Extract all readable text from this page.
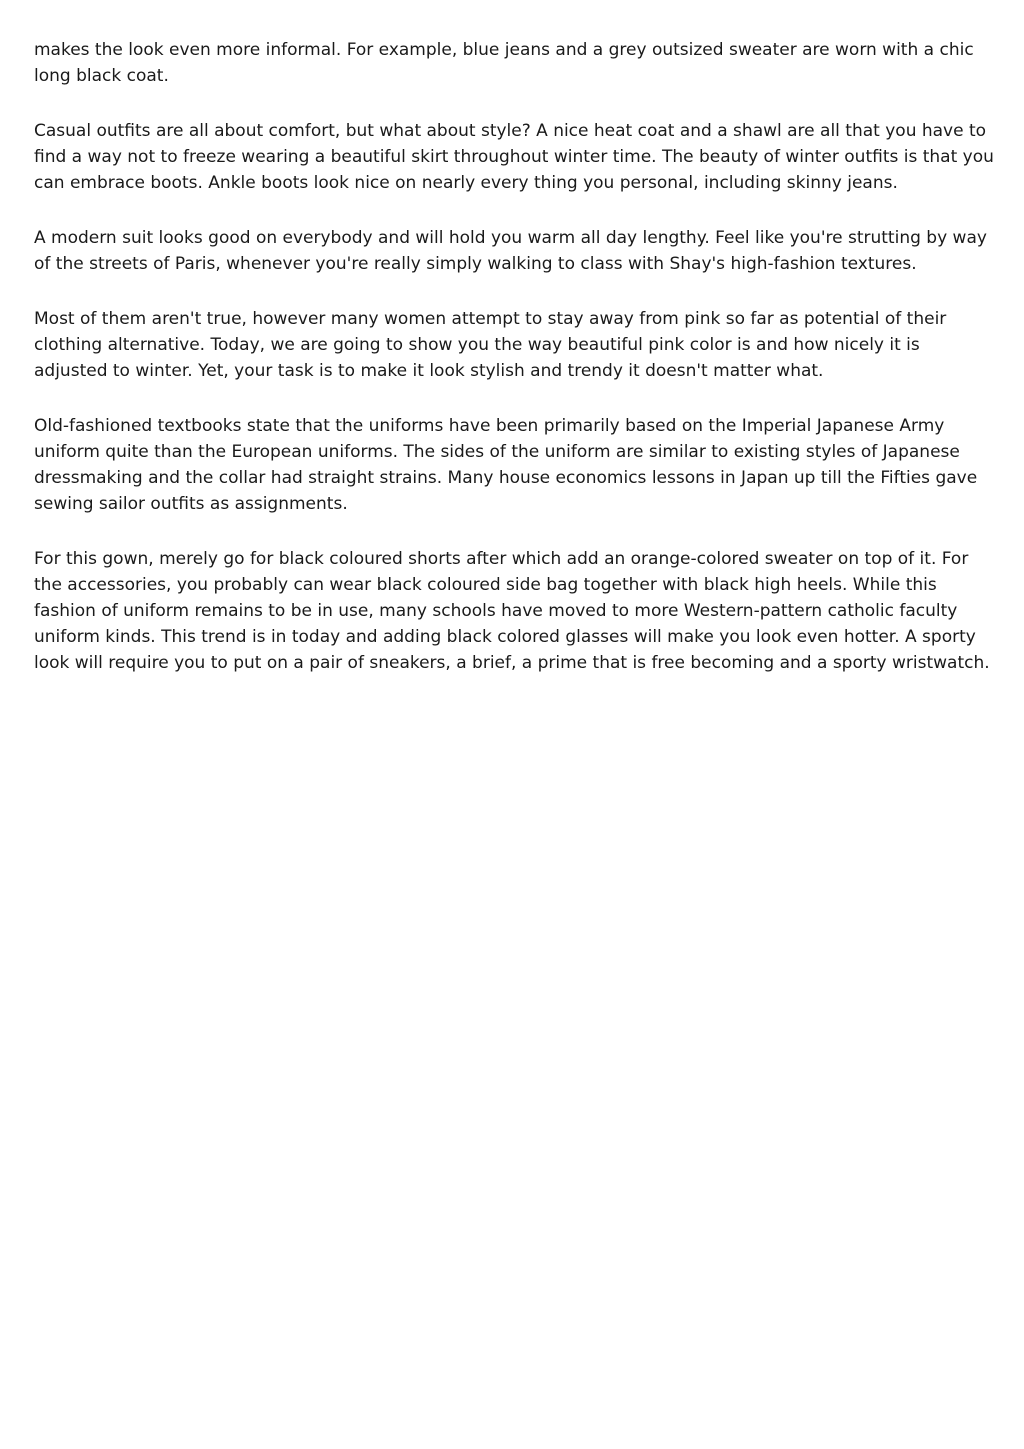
makes the look even more informal. For example, blue jeans and a grey outsized sweater are worn with a chic long black coat.

Casual outfits are all about comfort, but what about style? A nice heat coat and a shawl are all that you have to find a way not to freeze wearing a beautiful skirt throughout winter time. The beauty of winter outfits is that you can embrace boots. Ankle boots look nice on nearly every thing you personal, including skinny jeans.

A modern suit looks good on everybody and will hold you warm all day lengthy. Feel like you're strutting by way of the streets of Paris, whenever you're really simply walking to class with Shay's high-fashion textures.

Most of them aren't true, however many women attempt to stay away from pink so far as potential of their clothing alternative. Today, we are going to show you the way beautiful pink color is and how nicely it is adjusted to winter. Yet, your task is to make it look stylish and trendy it doesn't matter what.

Old-fashioned textbooks state that the uniforms have been primarily based on the Imperial Japanese Army uniform quite than the European uniforms. The sides of the uniform are similar to existing styles of Japanese dressmaking and the collar had straight strains. Many house economics lessons in Japan up till the Fifties gave sewing sailor outfits as assignments.

For this gown, merely go for black coloured shorts after which add an orange-colored sweater on top of it. For the accessories, you probably can wear black coloured side bag together with black high heels. While this fashion of uniform remains to be in use, many schools have moved to more Western-pattern catholic faculty uniform kinds. This trend is in today and adding black colored glasses will make you look even hotter. A sporty look will require you to put on a pair of sneakers, a brief, a prime that is free becoming and a sporty wristwatch.
